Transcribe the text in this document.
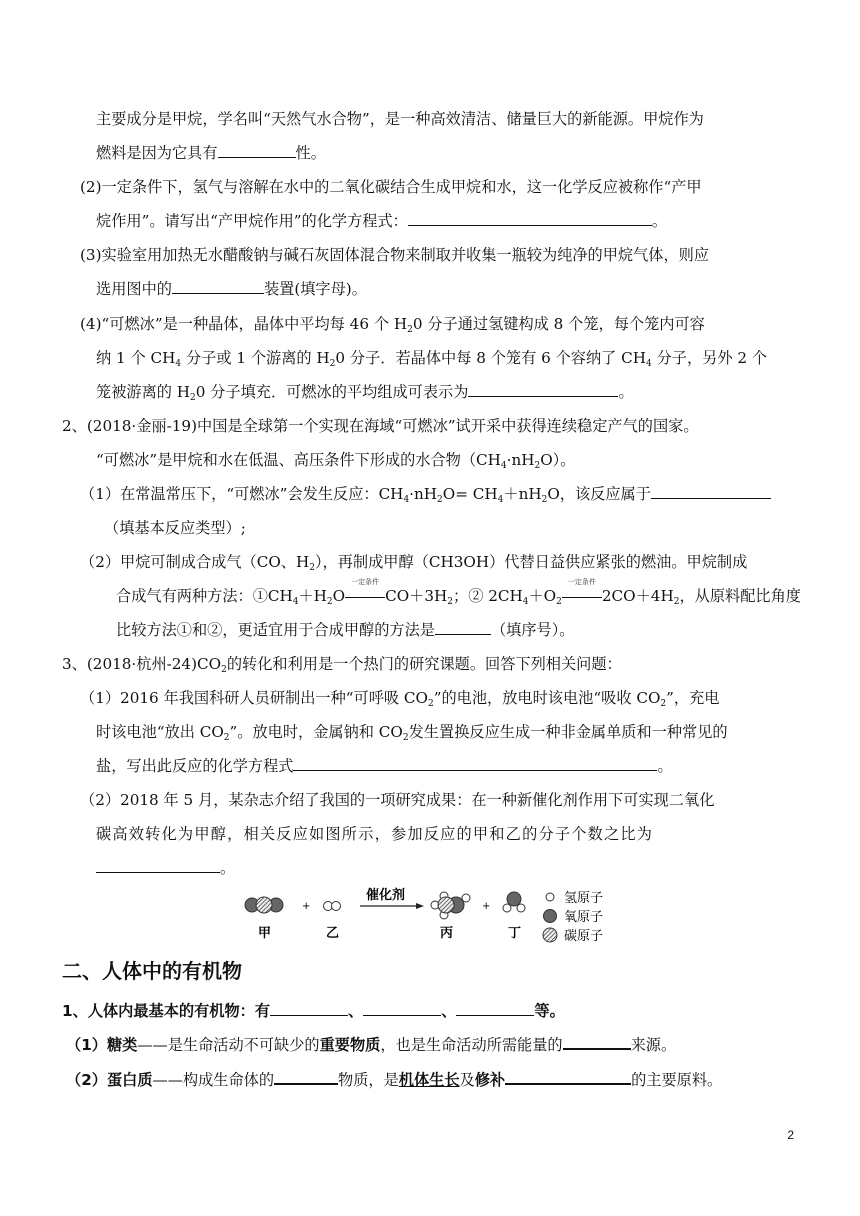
主要成分是甲烷，学名叫“天然气水合物”，是一种高效清洁、储量巨大的新能源。甲烷作为
燃料是因为它具有	性。
(2)一定条件下，氢气与溶解在水中的二氧化碳结合生成甲烷和水，这一化学反应被称作“产甲
烷作用”。请写出“产甲烷作用”的化学方程式：	。
(3)实验室用加热无水醋酸钠与碱石灰固体混合物来制取并收集一瓶较为纯净的甲烷气体，则应
选用图中的	装置(填字母)。
(4)“可燃冰”是一种晶体，晶体中平均每 46 个 $H_20$ 分子通过氢键构成 8 个笼，每个笼内可容
纳 1 个 $CH_4$ 分子或 1 个游离的 $H_20$ 分子．若晶体中每 8 个笼有 6 个容纳了 $CH_4$ 分子，另外 2 个
笼被游离的 $H_20$ 分子填充．可燃冰的平均组成可表示为	。
2、(2018·金丽-19)中国是全球第一个实现在海域“可燃冰”试开采中获得连续稳定产气的国家。
“可燃冰”是甲烷和水在低温、高压条件下形成的水合物$(CH_4\cdot nH_2O)$。
（1）在常温常压下，“可燃冰”会发生反应：$CH_4\cdot nH_2O= CH_4+nH_2O$，该反应属于
（填基本反应类型）;
（2）甲烷可制成合成气（CO、$H_2$），再制成甲醇（CH3OH）代替日益供应紧张的燃油。甲烷制成
合成气有两种方法：$①CH_4+H_2O$
一定条件
$CO+3H_2$；② $2CH_4+O_2$
一定条件
$2CO+4H_2$，从原料配比角度
比较方法①和②，更适宜用于合成甲醇的方法是	（填序号）。
3、(2018·杭州$-24)CO_2$的转化和利用是一个热门的研究课题。回答下列相关问题：
（1）2016 年我国科研人员研制出一种“可呼吸 $CO_2$”的电池，放电时该电池“吸收 $CO_2$”，充电
时该电池“放出 $CO_2$”。放电时，金属钠和 $CO_2$发生置换反应生成一种非金属单质和一种常见的
盐，写出此反应的化学方程式	。
（2）2018 年 5 月，某杂志介绍了我国的一项研究成果：在一种新催化剂作用下可实现二氧化
碳高效转化为甲醇，相关反应如图所示，参加反应的甲和乙的分子个数之比为
。
+
催化剂
+
甲	乙	丙	丁
氢原子
氧原子
碳原子
二、人体中的有机物
1、人体内最基本的有机物：有	、	、	等。
（1）糖类——是生命活动不可缺少的重要物质，也是生命活动所需能量的	来源。
（2）蛋白质——构成生命体的	物质，是机体生长及修补	的主要原料。
2
